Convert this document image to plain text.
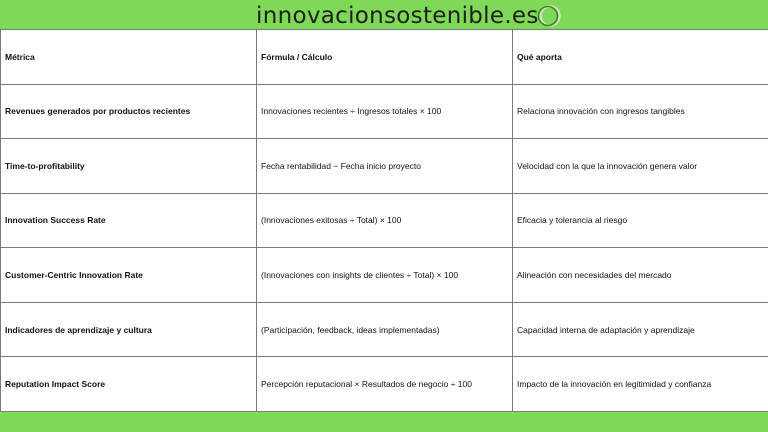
innovacionsostenible.es
Métrica	Fórmula / Cálculo	Qué aporta
Revenues generados por productos recientes	Innovaciones recientes ÷ Ingresos totales × 100	Relaciona innovación con ingresos tangibles
Time-to-profitability	Fecha rentabilidad − Fecha inicio proyecto	Velocidad con la que la innovación genera valor
Innovation Success Rate	(Innovaciones exitosas ÷ Total) × 100	Eficacia y tolerancia al riesgo
Customer-Centric Innovation Rate	(Innovaciones con insights de clientes ÷ Total) × 100	Alineación con necesidades del mercado
Indicadores de aprendizaje y cultura	(Participación, feedback, ideas implementadas)	Capacidad interna de adaptación y aprendizaje
Reputation Impact Score	Percepción reputacional × Resultados de negocio ÷ 100	Impacto de la innovación en legitimidad y confianza
